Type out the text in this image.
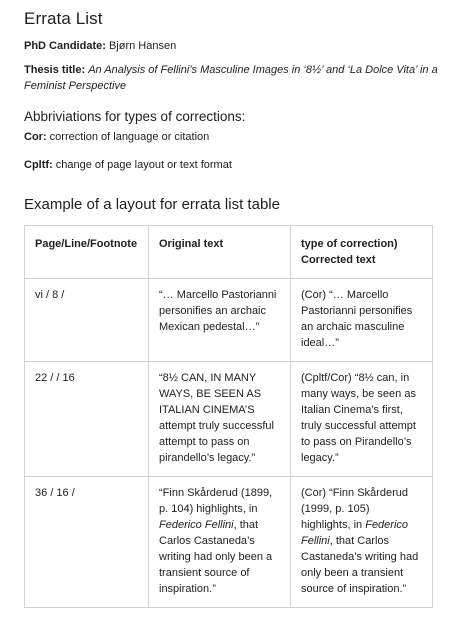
Errata List

PhD Candidate: Bjørn Hansen

Thesis title: An Analysis of Fellini’s Masculine Images in ‘8½’ and ‘La Dolce Vita’ in a Feminist Perspective

Abbriviations for types of corrections:

Cor: correction of language or citation

Cpltf: change of page layout or text format

Example of a layout for errata list table
Page/Line/Footnote	Original text	type of correction)
Corrected text

vi / 8 /	“… Marcello Pastorianni personifies an archaic Mexican pedestal…”	(Cor) “… Marcello Pastorianni personifies an archaic masculine ideal…”
22 / / 16	“8½ CAN, IN MANY WAYS, BE SEEN AS ITALIAN CINEMA’S attempt truly successful attempt to pass on pirandello’s legacy.”	(Cpltf/Cor) “8½ can, in many ways, be seen as Italian Cinema’s first, truly successful attempt to pass on Pirandello’s legacy.”
36 / 16 /	“Finn Skårderud (1899, p. 104) highlights, in Federico Fellini, that Carlos Castaneda’s writing had only been a transient source of inspiration.”	(Cor) “Finn Skårderud (1999, p. 105) highlights, in Federico Fellini, that Carlos Castaneda’s writing had only been a transient source of inspiration.”
